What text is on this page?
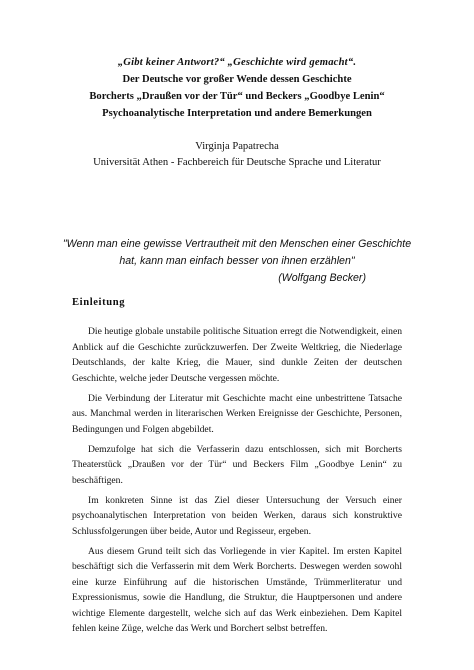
„Gibt keiner Antwort?“ „Geschichte wird gemacht“.
Der Deutsche vor großer Wende dessen Geschichte
Borcherts „Draußen vor der Tür“ und Beckers „Goodbye Lenin“
Psychoanalytische Interpretation und andere Bemerkungen
Virginja Papatrecha
Universität Athen - Fachbereich für Deutsche Sprache und Literatur
"Wenn man eine gewisse Vertrautheit mit den Menschen einer Geschichte hat, kann man einfach besser von ihnen erzählen"
(Wolfgang Becker)
Einleitung

Die heutige globale unstabile politische Situation erregt die Notwendigkeit, einen Anblick auf die Geschichte zurückzuwerfen. Der Zweite Weltkrieg, die Niederlage Deutschlands, der kalte Krieg, die Mauer, sind dunkle Zeiten der deutschen Geschichte, welche jeder Deutsche vergessen möchte.

Die Verbindung der Literatur mit Geschichte macht eine unbestrittene Tatsache aus. Manchmal werden in literarischen Werken Ereignisse der Geschichte, Personen, Bedingungen und Folgen abgebildet.

Demzufolge hat sich die Verfasserin dazu entschlossen, sich mit Borcherts Theaterstück „Draußen vor der Tür“ und Beckers Film „Goodbye Lenin“ zu beschäftigen.

Im konkreten Sinne ist das Ziel dieser Untersuchung der Versuch einer psychoanalytischen Interpretation von beiden Werken, daraus sich konstruktive Schlussfolgerungen über beide, Autor und Regisseur, ergeben.

Aus diesem Grund teilt sich das Vorliegende in vier Kapitel. Im ersten Kapitel beschäftigt sich die Verfasserin mit dem Werk Borcherts. Deswegen werden sowohl eine kurze Einführung auf die historischen Umstände, Trümmerliteratur und Expressionismus, sowie die Handlung, die Struktur, die Hauptpersonen und andere wichtige Elemente dargestellt, welche sich auf das Werk einbeziehen. Dem Kapitel fehlen keine Züge, welche das Werk und Borchert selbst betreffen.
